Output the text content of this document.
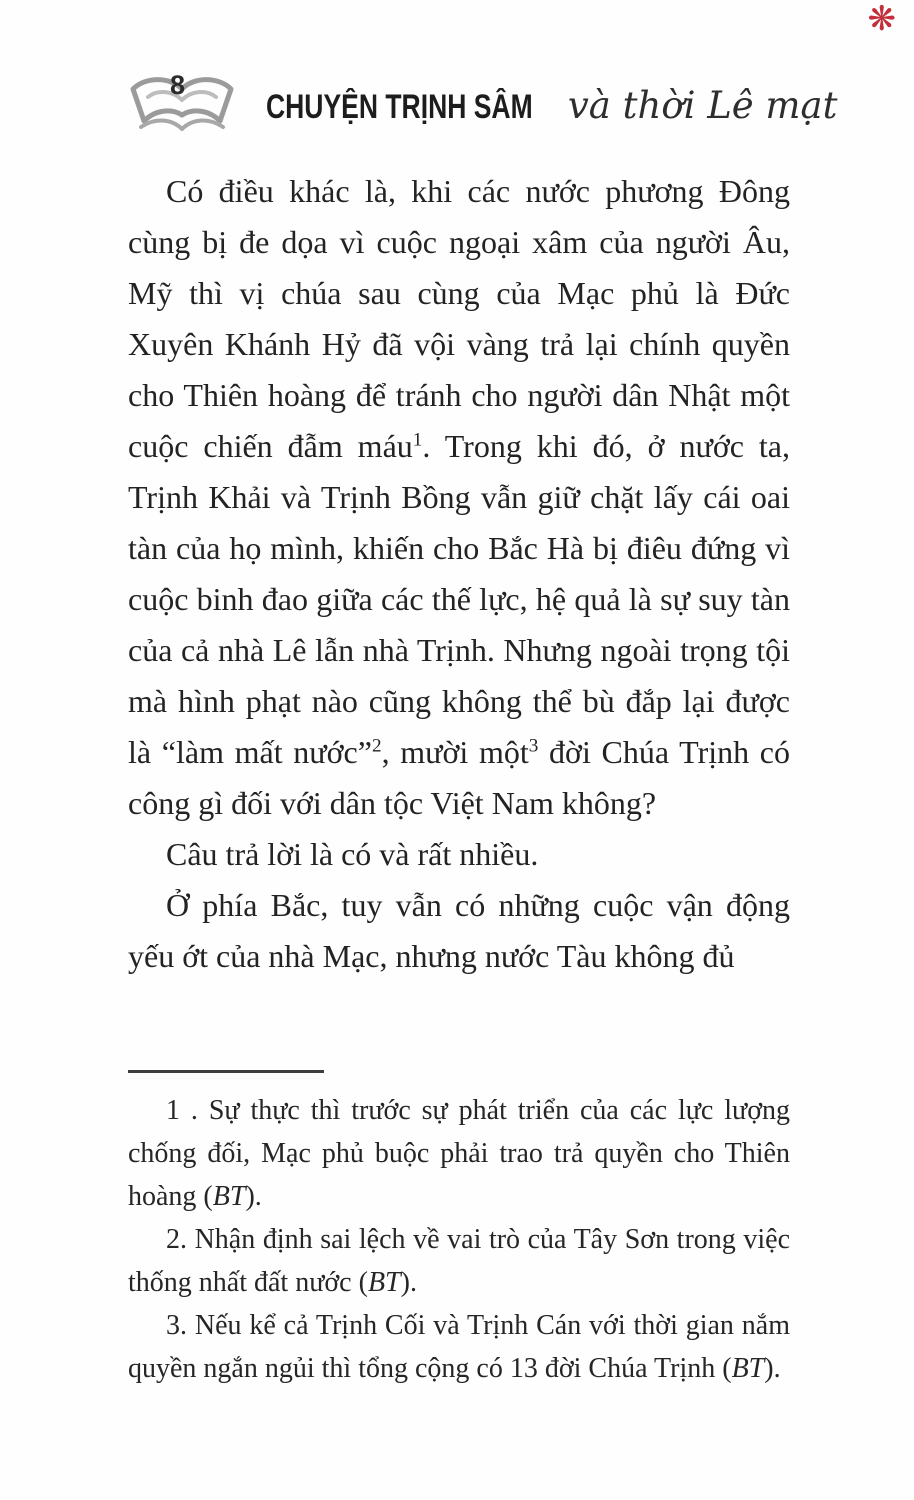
❋
8
CHUYỆN TRỊNH SÂM và thời Lê mạt

Có điều khác là, khi các nước phương Đông cùng bị đe dọa vì cuộc ngoại xâm của người Âu, Mỹ thì vị chúa sau cùng của Mạc phủ là Đức Xuyên Khánh Hỷ đã vội vàng trả lại chính quyền cho Thiên hoàng để tránh cho người dân Nhật một cuộc chiến đẫm máu$^1$. Trong khi đó, ở nước ta, Trịnh Khải và Trịnh Bồng vẫn giữ chặt lấy cái oai tàn của họ mình, khiến cho Bắc Hà bị điêu đứng vì cuộc binh đao giữa các thế lực, hệ quả là sự suy tàn của cả nhà Lê lẫn nhà Trịnh. Nhưng ngoài trọng tội mà hình phạt nào cũng không thể bù đắp lại được là “làm mất nước”$^2$, mười một$^3$ đời Chúa Trịnh có công gì đối với dân tộc Việt Nam không?

Câu trả lời là có và rất nhiều.

Ở phía Bắc, tuy vẫn có những cuộc vận động yếu ớt của nhà Mạc, nhưng nước Tàu không đủ

1 . Sự thực thì trước sự phát triển của các lực lượng chống đối, Mạc phủ buộc phải trao trả quyền cho Thiên hoàng (BT).

2. Nhận định sai lệch về vai trò của Tây Sơn trong việc thống nhất đất nước (BT).

3. Nếu kể cả Trịnh Cối và Trịnh Cán với thời gian nắm quyền ngắn ngủi thì tổng cộng có 13 đời Chúa Trịnh (BT).
